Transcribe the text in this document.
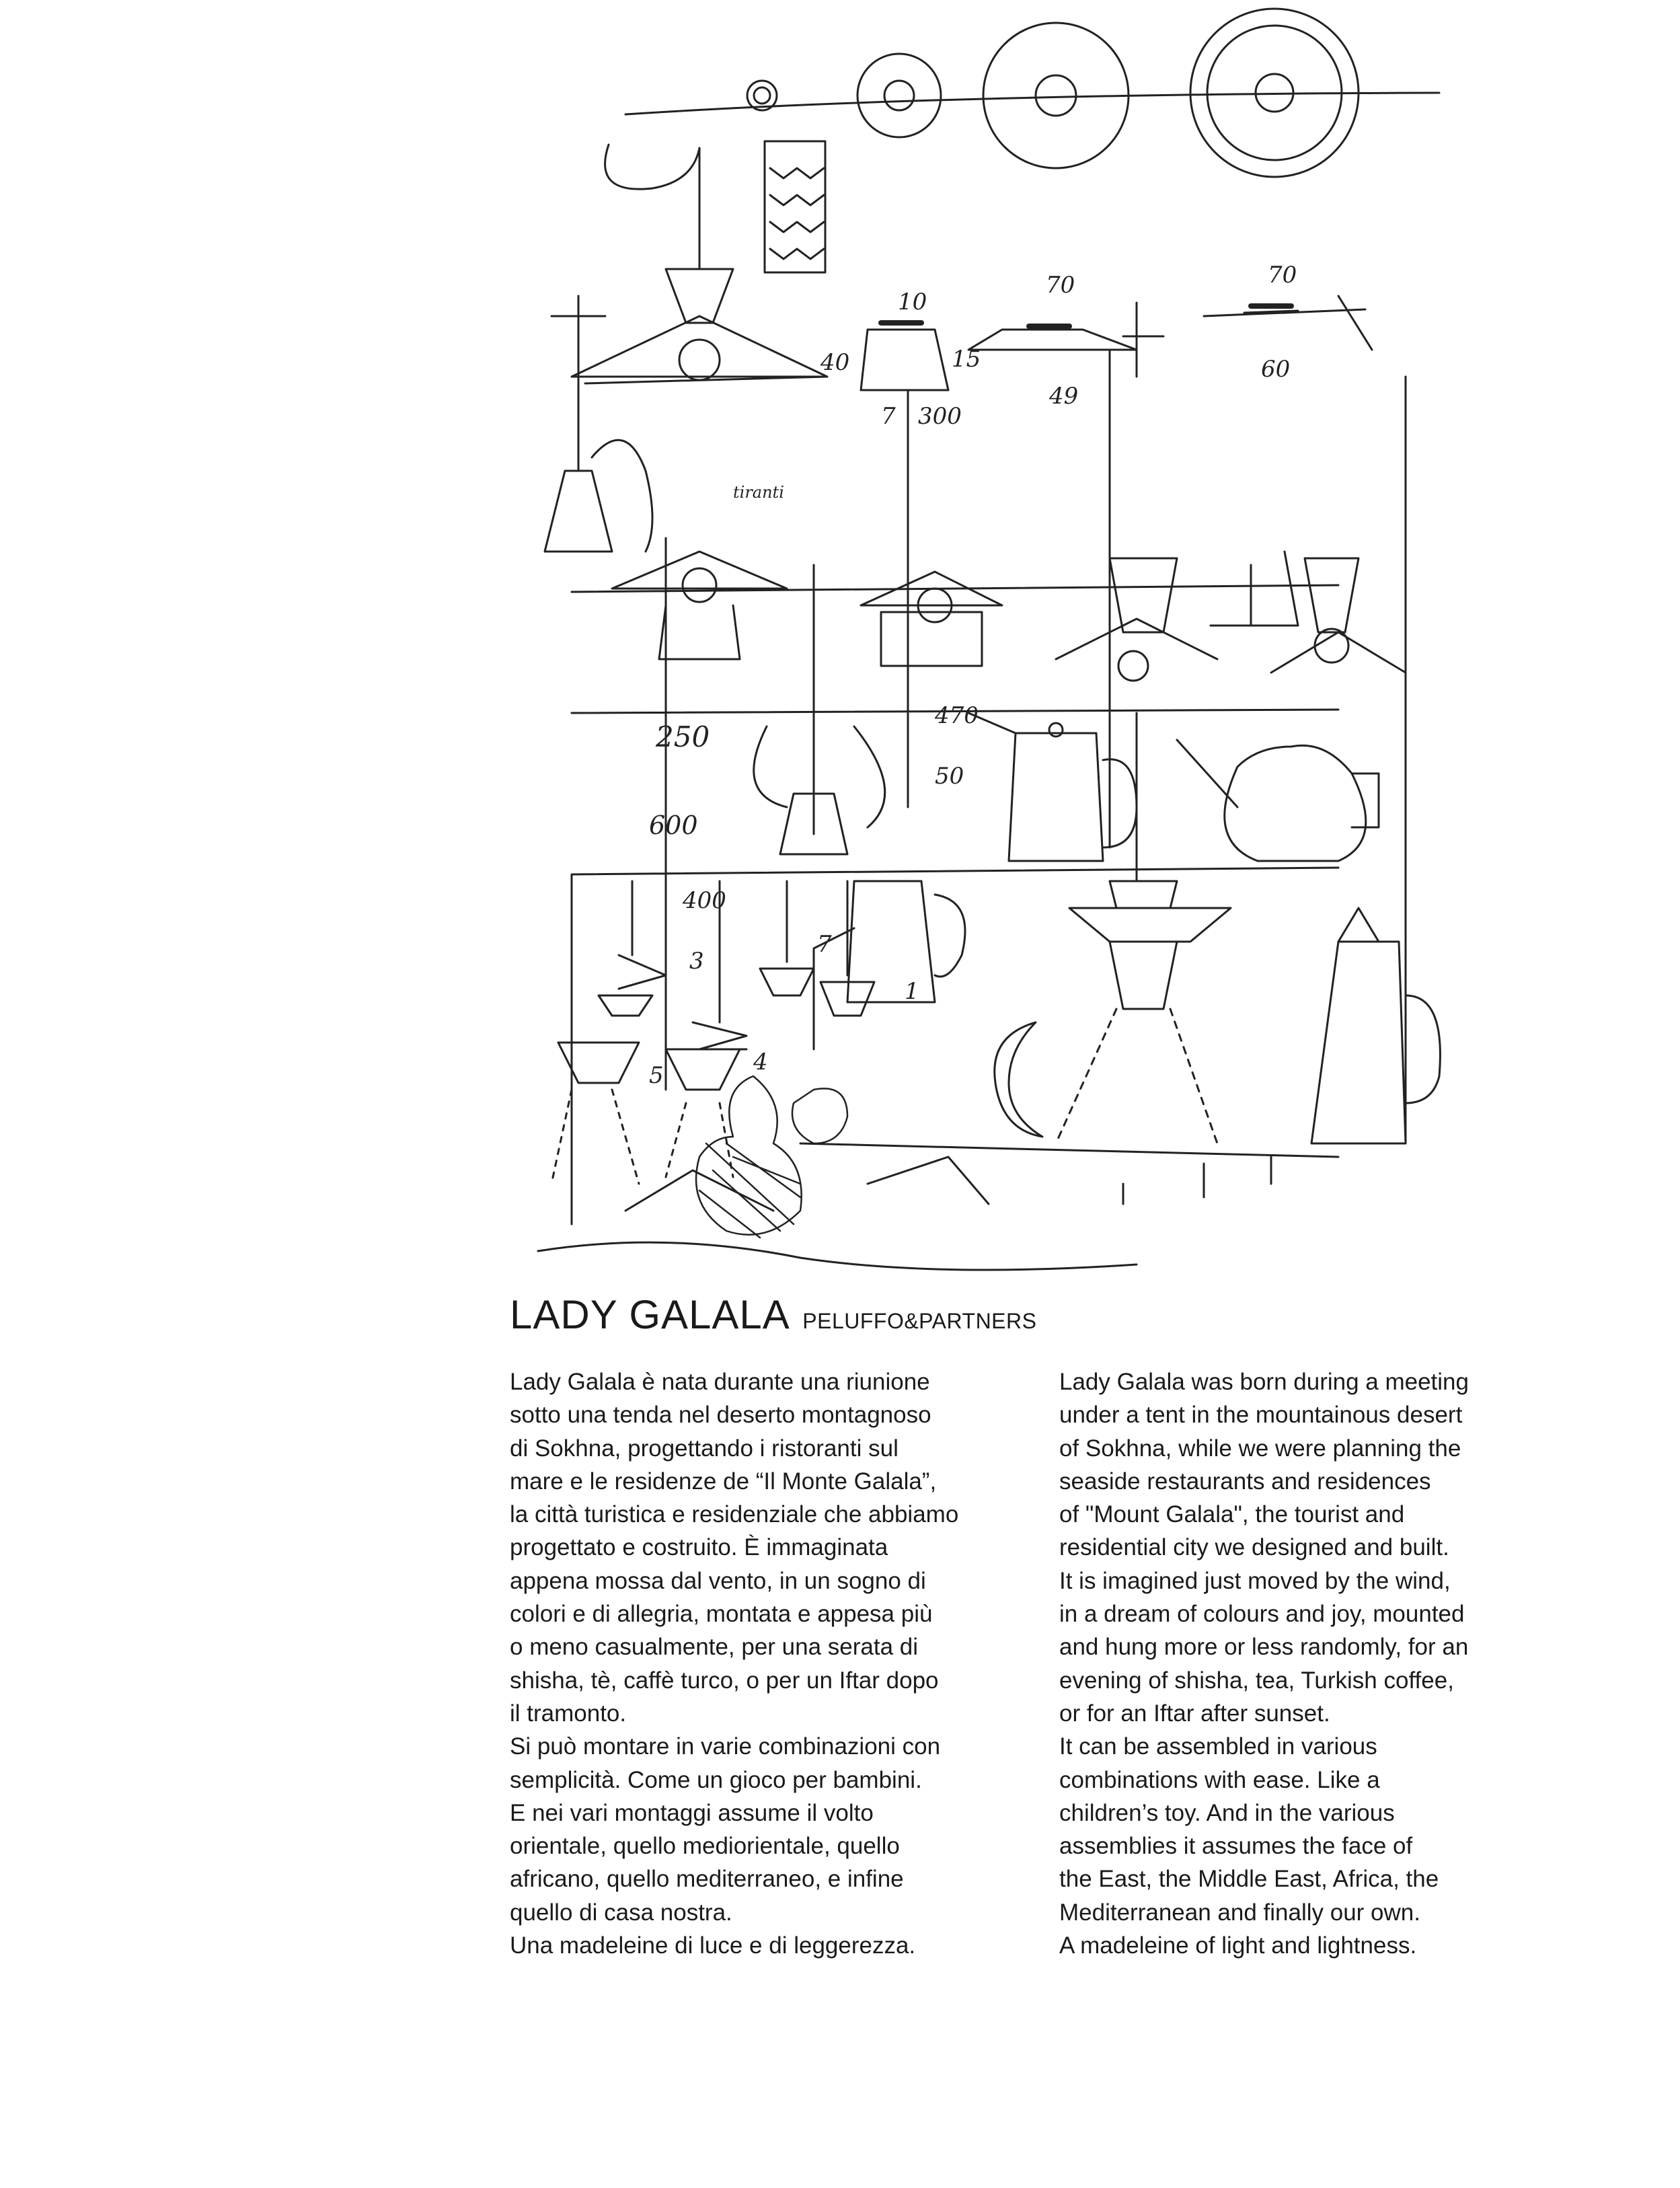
10
70	70
40	15
49
60
7 300
tiranti
250
470
50
600
400
3
7
5	4
1
LADY GALALA PELUFFO&PARTNERS
Lady Galala è nata durante una riunione
sotto una tenda nel deserto montagnoso
di Sokhna, progettando i ristoranti sul
mare e le residenze de “Il Monte Galala”,
la città turistica e residenziale che abbiamo
progettato e costruito. È immaginata
appena mossa dal vento, in un sogno di
colori e di allegria, montata e appesa più
o meno casualmente, per una serata di
shisha, tè, caffè turco, o per un Iftar dopo
il tramonto.
Si può montare in varie combinazioni con
semplicità. Come un gioco per bambini.
E nei vari montaggi assume il volto
orientale, quello mediorientale, quello
africano, quello mediterraneo, e infine
quello di casa nostra.
Una madeleine di luce e di leggerezza.
Lady Galala was born during a meeting
under a tent in the mountainous desert
of Sokhna, while we were planning the
seaside restaurants and residences
of "Mount Galala", the tourist and
residential city we designed and built.
It is imagined just moved by the wind,
in a dream of colours and joy, mounted
and hung more or less randomly, for an
evening of shisha, tea, Turkish coffee,
or for an Iftar after sunset.
It can be assembled in various
combinations with ease. Like a
children’s toy. And in the various
assemblies it assumes the face of
the East, the Middle East, Africa, the
Mediterranean and finally our own.
A madeleine of light and lightness.
